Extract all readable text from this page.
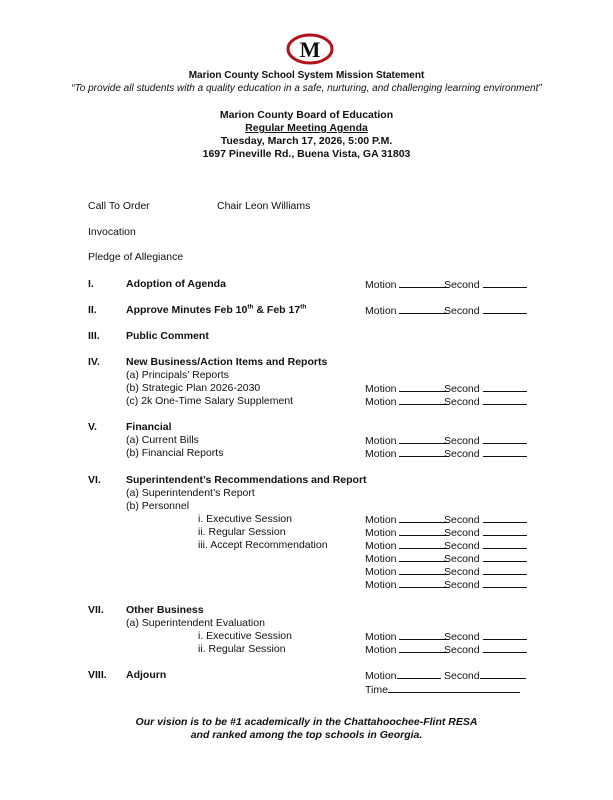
M
Marion County School System Mission Statement
“To provide all students with a quality education in a safe, nurturing, and challenging learning environment”
Marion County Board of Education
Regular Meeting Agenda
Tuesday, March 17, 2026, 5:00 P.M.
1697 Pineville Rd., Buena Vista, GA 31803
Call To Order	Chair Leon Williams
Invocation
Pledge of Allegiance
I.	Adoption of Agenda	Motion	Second
II.	Approve Minutes Feb 10th & Feb 17th	Motion	Second
III.	Public Comment
IV. New Business/Action Items and Reports
(a) Principals’ Reports
(b) Strategic Plan 2026-2030	Motion	Second
(c) 2k One-Time Salary Supplement	Motion	Second
V.	Financial
(a) Current Bills	Motion	Second
(b) Financial Reports	Motion	Second
VI. Superintendent’s Recommendations and Report
(a) Superintendent’s Report
(b) Personnel
i. Executive Session	Motion	Second
ii. Regular Session	Motion	Second
iii. Accept Recommendation	Motion	Second
Motion	Second
Motion	Second
Motion	Second
VII. Other Business
(a) Superintendent Evaluation
i. Executive Session	Motion	Second
ii. Regular Session	Motion	Second
VIII. Adjourn	Motion	Second
Time
Our vision is to be #1 academically in the Chattahoochee-Flint RESA
and ranked among the top schools in Georgia.
